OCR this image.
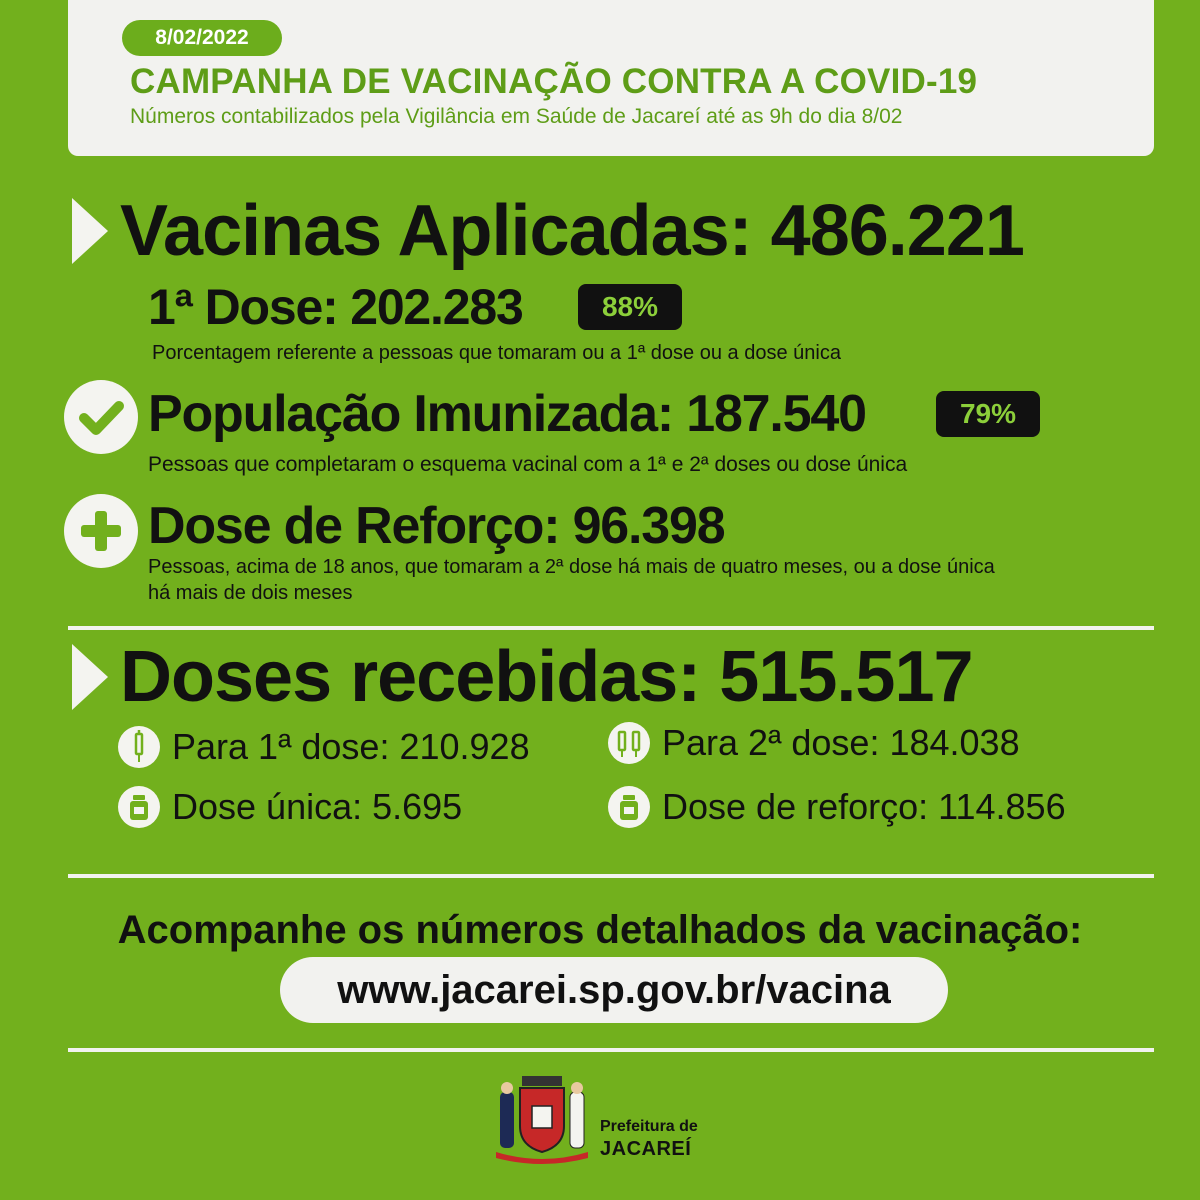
8/02/2022
CAMPANHA DE VACINAÇÃO CONTRA A COVID-19
Números contabilizados pela Vigilância em Saúde de Jacareí até as 9h do dia 8/02
Vacinas Aplicadas: 486.221
1ª Dose: 202.283	88%
Porcentagem referente a pessoas que tomaram ou a 1ª dose ou a dose única
População Imunizada: 187.540	79%
Pessoas que completaram o esquema vacinal com a 1ª e 2ª doses ou dose única
Dose de Reforço: 96.398
Pessoas, acima de 18 anos, que tomaram a 2ª dose há mais de quatro meses, ou a dose única
há mais de dois meses
Doses recebidas: 515.517
Para 1ª dose: 210.928	Para 2ª dose: 184.038
Dose única: 5.695	Dose de reforço: 114.856
Acompanhe os números detalhados da vacinação:
www.jacarei.sp.gov.br/vacina
Prefeitura de
JACAREÍ
